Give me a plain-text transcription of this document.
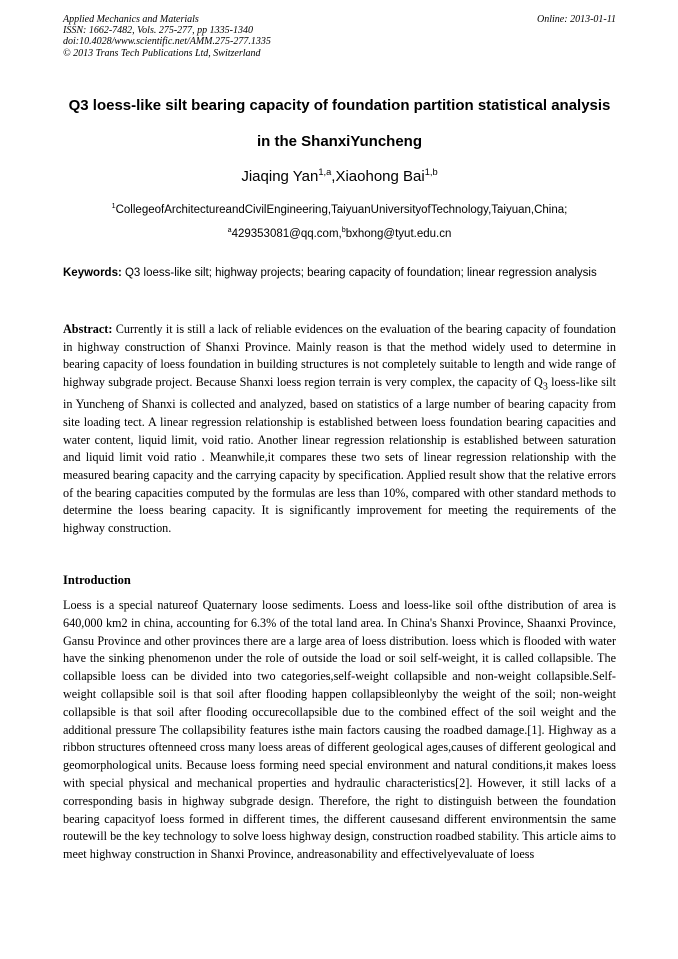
Applied Mechanics and Materials
ISSN: 1662-7482, Vols. 275-277, pp 1335-1340
doi:10.4028/www.scientific.net/AMM.275-277.1335
© 2013 Trans Tech Publications Ltd, Switzerland
Online: 2013-01-11
Q3 loess-like silt bearing capacity of foundation partition statistical analysis in the ShanxiYuncheng
Jiaqing Yan$^{1,a}$,Xiaohong Bai$^{1,b}$
$^1$CollegeofArchitectureandCivilEngineering,TaiyuanUniversityofTechnology,Taiyuan,China;
$^a$429353081@qq.com,$^b$bxhong@tyut.edu.cn
Keywords: Q3 loess-like silt; highway projects; bearing capacity of foundation; linear regression analysis
Abstract: Currently it is still a lack of reliable evidences on the evaluation of the bearing capacity of foundation in highway construction of Shanxi Province. Mainly reason is that the method widely used to determine in bearing capacity of loess foundation in building structures is not completely suitable to length and wide range of highway subgrade project. Because Shanxi loess region terrain is very complex, the capacity of $Q_3$ loess-like silt in Yuncheng of Shanxi is collected and analyzed, based on statistics of a large number of bearing capacity from site loading tect. A linear regression relationship is established between loess foundation bearing capacities and water content, liquid limit, void ratio. Another linear regression relationship is established between saturation and liquid limit void ratio . Meanwhile,it compares these two sets of linear regression relationship with the measured bearing capacity and the carrying capacity by specification. Applied result show that the relative errors of the bearing capacities computed by the formulas are less than 10%, compared with other standard methods to determine the loess bearing capacity. It is significantly improvement for meeting the requirements of the highway construction.
Introduction
Loess is a special natureof Quaternary loose sediments. Loess and loess-like soil ofthe distribution of area is 640,000 km2 in china, accounting for 6.3% of the total land area. In China's Shanxi Province, Shaanxi Province, Gansu Province and other provinces there are a large area of loess distribution. loess which is flooded with water have the sinking phenomenon under the role of outside the load or soil self-weight, it is called collapsible. The collapsible loess can be divided into two categories,self-weight collapsible and non-weight collapsible.Self-weight collapsible soil is that soil after flooding happen collapsibleonlyby the weight of the soil; non-weight collapsible is that soil after flooding occurecollapsible due to the combined effect of the soil weight and the additional pressure The collapsibility features isthe main factors causing the roadbed damage.[1]. Highway as a ribbon structures oftenneed cross many loess areas of different geological ages,causes of different geological and geomorphological units. Because loess forming need special environment and natural conditions,it makes loess with special physical and mechanical properties and hydraulic characteristics[2]. However, it still lacks of a corresponding basis in highway subgrade design. Therefore, the right to distinguish between the foundation bearing capacityof loess formed in different times, the different causesand different environmentsin the same routewill be the key technology to solve loess highway design, construction roadbed stability. This article aims to meet highway construction in Shanxi Province, andreasonability and effectivelyevaluate of loess
